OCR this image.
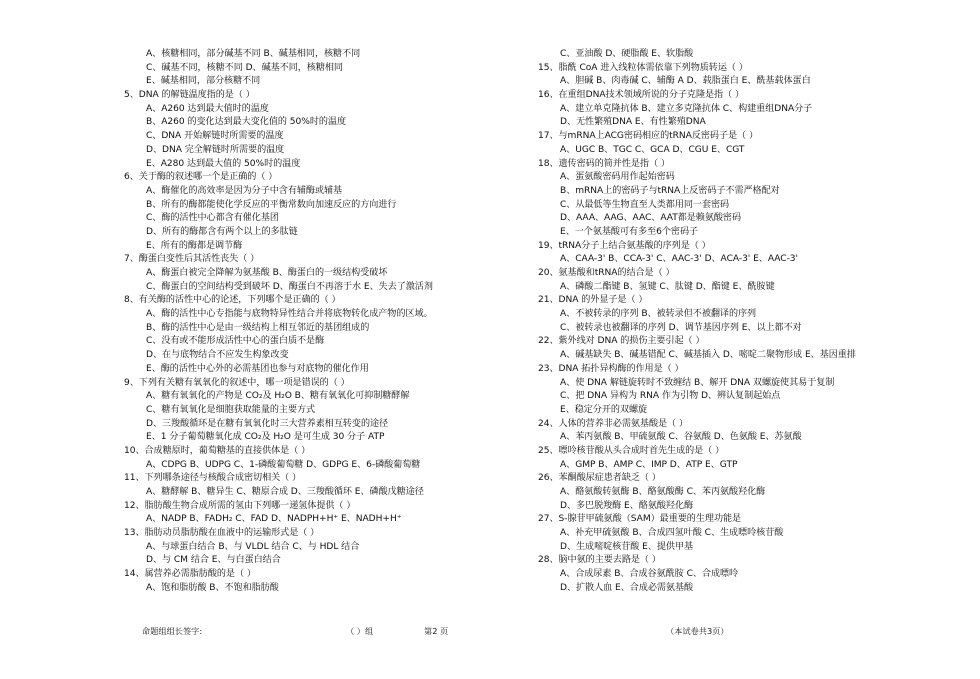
A、核糖相同，部分碱基不同 B、碱基相同，核糖不同
C、碱基不同，核糖不同 D、碱基不同，核糖相同
E、碱基相同，部分核糖不同
5、DNA 的解链温度指的是（ ）
A、A260 达到最大值时的温度
B、A260 的变化达到最大变化值的 50%时的温度
C、DNA 开始解链时所需要的温度
D、DNA 完全解链时所需要的温度
E、A280 达到最大值的 50%时的温度
6、关于酶的叙述哪一个是正确的（ ）
A、酶催化的高效率是因为分子中含有辅酶或辅基
B、所有的酶都能使化学反应的平衡常数向加速反应的方向进行
C、酶的活性中心都含有催化基团
D、所有的酶都含有两个以上的多肽链
E、所有的酶都是调节酶
7、酶蛋白变性后其活性丧失（ ）
A、酶蛋白被完全降解为氨基酸 B、酶蛋白的一级结构受破坏
C、酶蛋白的空间结构受到破坏 D、酶蛋白不再溶于水 E、失去了激活剂
8、有关酶的活性中心的论述，下列哪个是正确的（ ）
A、酶的活性中心专指能与底物特异性结合并将底物转化成产物的区域。
B、酶的活性中心是由一级结构上相互邻近的基团组成的
C、没有或不能形成活性中心的蛋白质不是酶
D、在与底物结合不应发生构象改变
E、酶的活性中心外的必需基团也参与对底物的催化作用
9、下列有关糖有氧氧化的叙述中，哪一项是错误的（ ）
A、糖有氧氧化的产物是 CO₂及 H₂O B、糖有氧氧化可抑制糖酵解
C、糖有氧氧化是细胞获取能量的主要方式
D、三羧酸循环是在糖有氧氧化时三大营养素相互转变的途径
E、1 分子葡萄糖氧化成 CO₂及 H₂O 是可生成 30 分子 ATP
10、合成糖原时，葡萄糖基的直接供体是（ ）
A、CDPG B、UDPG C、1-磷酸葡萄糖 D、GDPG E、6-磷酸葡萄糖
11、下列哪条途径与核酸合成密切相关（ ）
A、糖酵解 B、糖异生 C、糖原合成 D、三羧酸循环 E、磷酸戊糖途径
12、脂肪酸生物合成所需的氢由下列哪一递氢体提供（ ）
A、NADP B、FADH₂ C、FAD D、NADPH+H⁺ E、NADH+H⁺
13、脂肪动员脂肪酸在血液中的运输形式是（ ）
A、与球蛋白结合 B、与 VLDL 结合 C、与 HDL 结合
D、与 CM 结合 E、与白蛋白结合
14、属营养必需脂肪酸的是（ ）
A、饱和脂肪酸 B、不饱和脂肪酸
C、亚油酸 D、硬脂酸 E、软脂酸
15、脂酰 CoA 进入线粒体需依靠下列物质转运（ ）
A、胆碱 B、肉毒碱 C、辅酶 A D、载脂蛋白 E、酰基载体蛋白
16、在重组DNA技术领域所说的分子克隆是指（ ）
A、建立单克隆抗体 B、建立多克隆抗体 C、构建重组DNA分子
D、无性繁殖DNA E、有性繁殖DNA
17、与mRNA上ACG密码相应的tRNA反密码子是（ ）
A、UGC B、TGC C、GCA D、CGU E、CGT
18、遗传密码的简并性是指（ ）
A、蛋氨酸密码用作起始密码
B、mRNA上的密码子与tRNA上反密码子不需严格配对
C、从最低等生物直至人类都用同一套密码
D、AAA、AAG、AAC、AAT都是赖氨酸密码
E、一个氨基酸可有多至6个密码子
19、tRNA分子上结合氨基酸的序列是（ ）
A、CAA-3' B、CCA-3' C、AAC-3' D、ACA-3' E、AAC-3'
20、氨基酸和tRNA的结合是（ ）
A、磷酸二酯键 B、氢键 C、肽键 D、酯键 E、酰胺键
21、DNA 的外显子是（ ）
A、不被转录的序列 B、被转录但不被翻译的序列
C、被转录也被翻译的序列 D、调节基因序列 E、以上都不对
22、紫外线对 DNA 的损伤主要引起（ ）
A、碱基缺失 B、碱基错配 C、碱基插入 D、嘧啶二聚物形成 E、基因重排
23、DNA 拓扑异构酶的作用是（ ）
A、使 DNA 解链旋转时不致缠结 B、解开 DNA 双螺旋使其易于复制
C、把 DNA 异构为 RNA 作为引物 D、辨认复制起始点
E、稳定分开的双螺旋
24、人体的营养非必需氨基酸是（ ）
A、苯丙氨酸 B、甲硫氨酸 C、谷氨酸 D、色氨酸 E、苏氨酸
25、嘌呤核苷酸从头合成时首先生成的是（ ）
A、GMP B、AMP C、IMP D、ATP E、GTP
26、苯酮酸尿症患者缺乏（ ）
A、酪氨酸转氨酶 B、酪氨酸酶 C、苯丙氨酸羟化酶
D、多巴脱羧酶 E、酪氨酸羟化酶
27、S-腺苷甲硫氨酸（SAM）最重要的生理功能是
A、补充甲硫氨酸 B、合成四氢叶酸 C、生成嘌呤核苷酸
D、生成嘧啶核苷酸 E、提供甲基
28、脑中氨的主要去路是（ ）
A、合成尿素 B、合成谷氨酰胺 C、合成嘌呤
D、扩散人血 E、合成必需氨基酸
命题组组长签字:	（ ）组	第2 页	（本试卷共3页）
